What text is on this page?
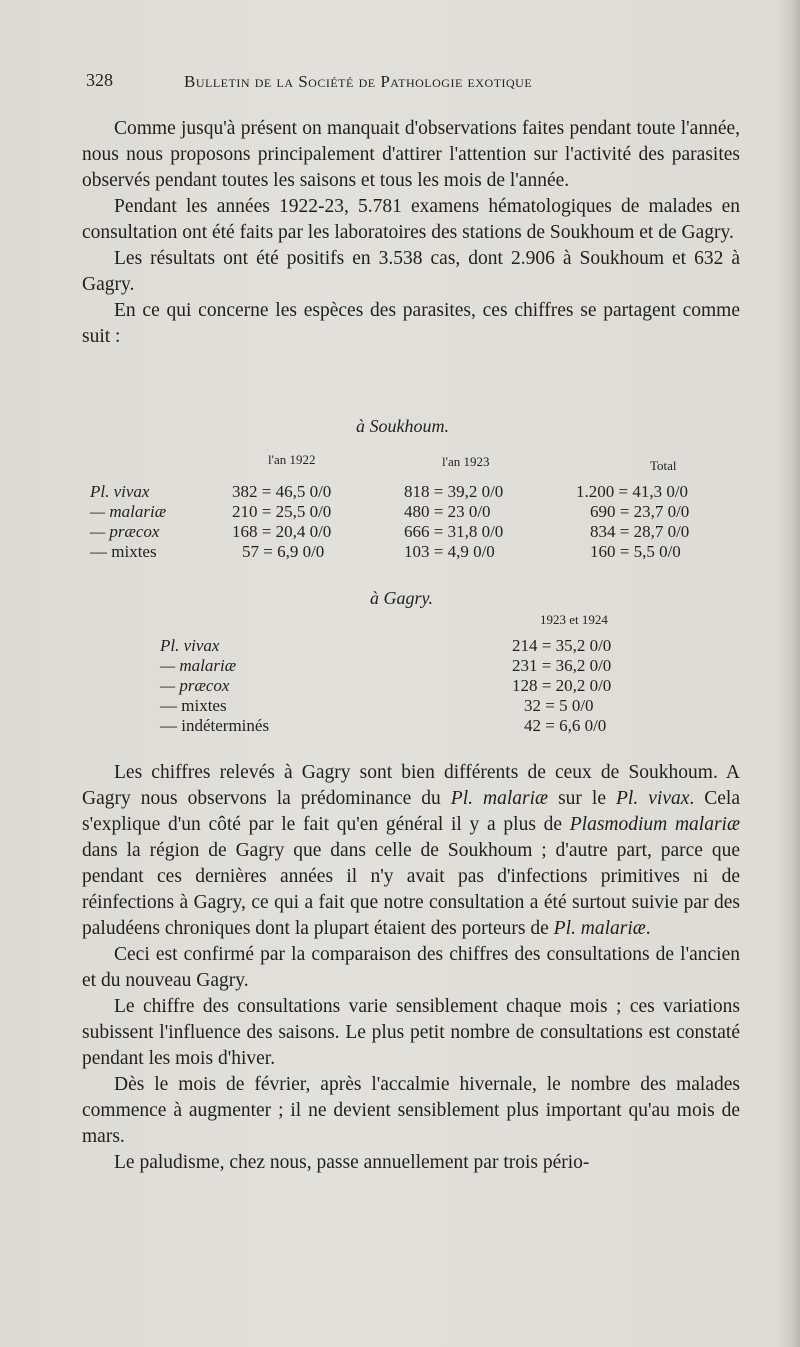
328	Bulletin de la Société de Pathologie exotique

Comme jusqu'à présent on manquait d'observations faites pendant toute l'année, nous nous proposons principalement d'attirer l'attention sur l'activité des parasites observés pendant toutes les saisons et tous les mois de l'année.

Pendant les années 1922-23, 5.781 examens hématologiques de malades en consultation ont été faits par les laboratoires des stations de Soukhoum et de Gagry.

Les résultats ont été positifs en 3.538 cas, dont 2.906 à Soukhoum et 632 à Gagry.

En ce qui concerne les espèces des parasites, ces chiffres se partagent comme suit :

à Soukhoum.
l'an 1922	l'an 1923	Total
Pl. vivax	382 = 46,5 0/0	818 = 39,2 0/0	1.200 = 41,3 0/0
— malariæ	210 = 25,5 0/0	480 = 23 0/0	690 = 23,7 0/0
— præcox	168 = 20,4 0/0	666 = 31,8 0/0	834 = 28,7 0/0
— mixtes	57 = 6,9 0/0	103 = 4,9 0/0	160 = 5,5 0/0
à Gagry.
1923 et 1924
Pl. vivax	214 = 35,2 0/0
— malariæ	231 = 36,2 0/0
— præcox	128 = 20,2 0/0
— mixtes	32 = 5 0/0
— indéterminés	42 = 6,6 0/0

Les chiffres relevés à Gagry sont bien différents de ceux de Soukhoum. A Gagry nous observons la prédominance du Pl. malariæ sur le Pl. vivax. Cela s'explique d'un côté par le fait qu'en général il y a plus de Plasmodium malariæ dans la région de Gagry que dans celle de Soukhoum ; d'autre part, parce que pendant ces dernières années il n'y avait pas d'infections primitives ni de réinfections à Gagry, ce qui a fait que notre consultation a été surtout suivie par des paludéens chroniques dont la plupart étaient des porteurs de Pl. malariæ.

Ceci est confirmé par la comparaison des chiffres des consultations de l'ancien et du nouveau Gagry.

Le chiffre des consultations varie sensiblement chaque mois ; ces variations subissent l'influence des saisons. Le plus petit nombre de consultations est constaté pendant les mois d'hiver.

Dès le mois de février, après l'accalmie hivernale, le nombre des malades commence à augmenter ; il ne devient sensiblement plus important qu'au mois de mars.

Le paludisme, chez nous, passe annuellement par trois pério-
